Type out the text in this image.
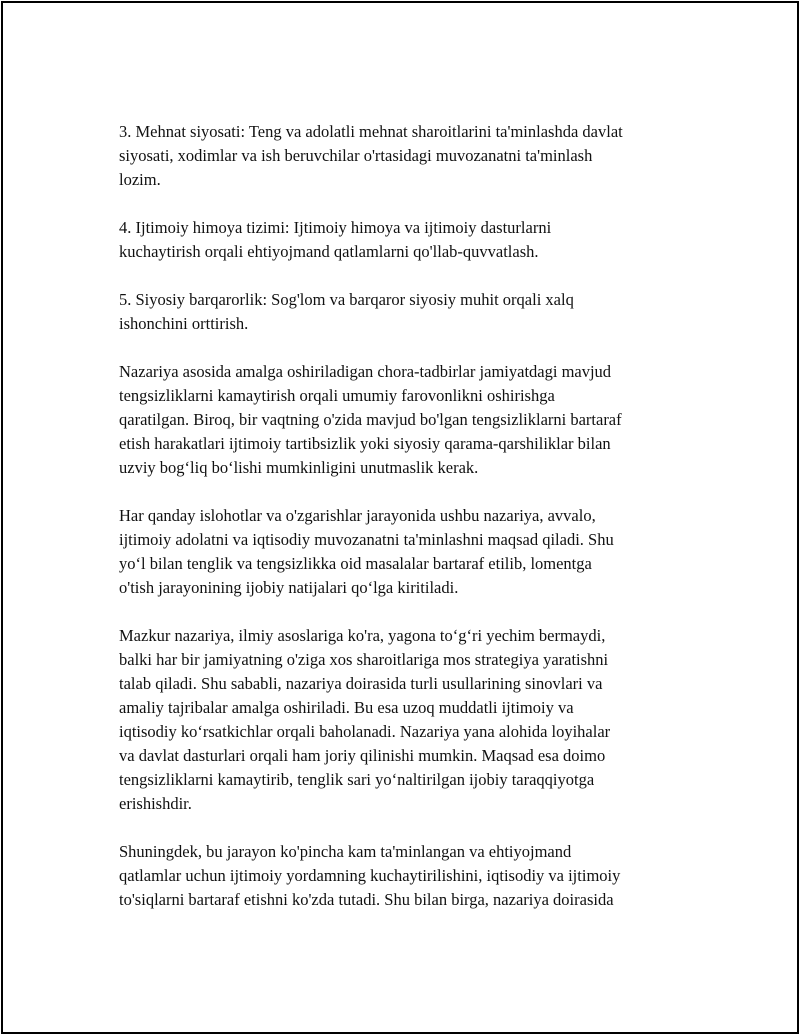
3. Mehnat siyosati: Teng va adolatli mehnat sharoitlarini ta'minlashda davlat
siyosati, xodimlar va ish beruvchilar o'rtasidagi muvozanatni ta'minlash
lozim.

4. Ijtimoiy himoya tizimi: Ijtimoiy himoya va ijtimoiy dasturlarni
kuchaytirish orqali ehtiyojmand qatlamlarni qo'llab-quvvatlash.

5. Siyosiy barqarorlik: Sog'lom va barqaror siyosiy muhit orqali xalq
ishonchini orttirish.

Nazariya asosida amalga oshiriladigan chora-tadbirlar jamiyatdagi mavjud
tengsizliklarni kamaytirish orqali umumiy farovonlikni oshirishga
qaratilgan. Biroq, bir vaqtning o'zida mavjud bo'lgan tengsizliklarni bartaraf
etish harakatlari ijtimoiy tartibsizlik yoki siyosiy qarama-qarshiliklar bilan
uzviy bog‘liq bo‘lishi mumkinligini unutmaslik kerak.

Har qanday islohotlar va o'zgarishlar jarayonida ushbu nazariya, avvalo,
ijtimoiy adolatni va iqtisodiy muvozanatni ta'minlashni maqsad qiladi. Shu
yo‘l bilan tenglik va tengsizlikka oid masalalar bartaraf etilib, lomentga
o'tish jarayonining ijobiy natijalari qo‘lga kiritiladi.

Mazkur nazariya, ilmiy asoslariga ko'ra, yagona to‘g‘ri yechim bermaydi,
balki har bir jamiyatning o'ziga xos sharoitlariga mos strategiya yaratishni
talab qiladi. Shu sababli, nazariya doirasida turli usullarining sinovlari va
amaliy tajribalar amalga oshiriladi. Bu esa uzoq muddatli ijtimoiy va
iqtisodiy ko‘rsatkichlar orqali baholanadi. Nazariya yana alohida loyihalar
va davlat dasturlari orqali ham joriy qilinishi mumkin. Maqsad esa doimo
tengsizliklarni kamaytirib, tenglik sari yo‘naltirilgan ijobiy taraqqiyotga
erishishdir.

Shuningdek, bu jarayon ko'pincha kam ta'minlangan va ehtiyojmand
qatlamlar uchun ijtimoiy yordamning kuchaytirilishini, iqtisodiy va ijtimoiy
to'siqlarni bartaraf etishni ko'zda tutadi. Shu bilan birga, nazariya doirasida
